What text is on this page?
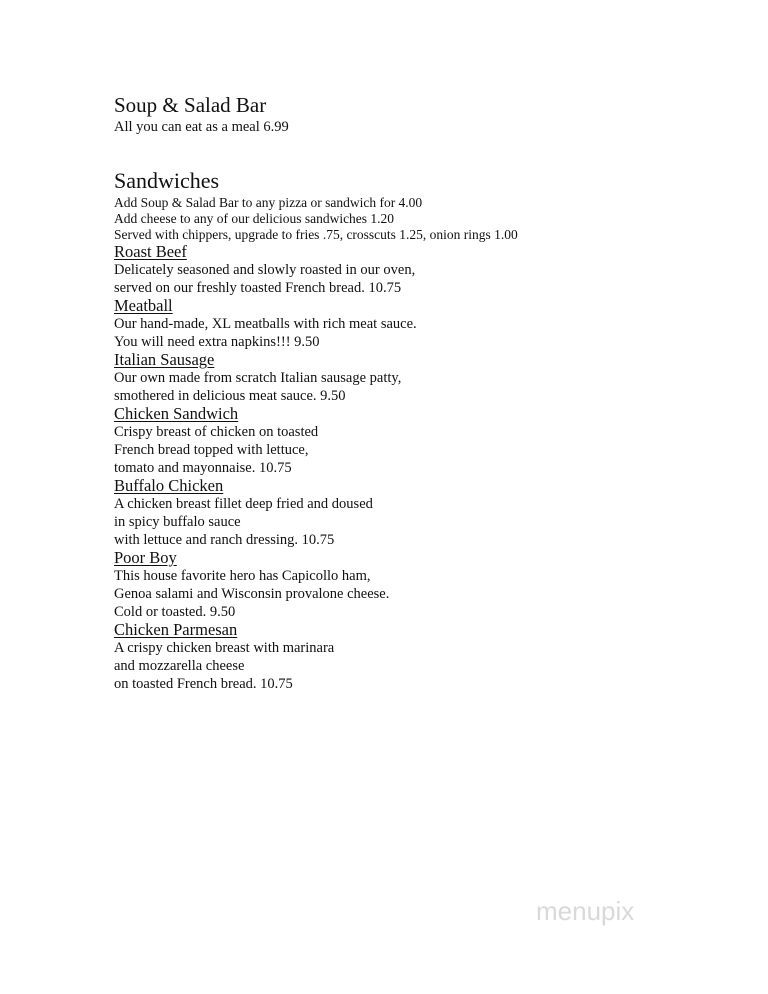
Soup & Salad Bar

All you can eat as a meal 6.99

Sandwiches

Add Soup & Salad Bar to any pizza or sandwich for 4.00

Add cheese to any of our delicious sandwiches 1.20

Served with chippers, upgrade to fries .75, crosscuts 1.25, onion rings 1.00

Roast Beef

Delicately seasoned and slowly roasted in our oven,

served on our freshly toasted French bread. 10.75

Meatball

Our hand-made, XL meatballs with rich meat sauce.

You will need extra napkins!!! 9.50

Italian Sausage

Our own made from scratch Italian sausage patty,

smothered in delicious meat sauce. 9.50

Chicken Sandwich

Crispy breast of chicken on toasted

French bread topped with lettuce,

tomato and mayonnaise. 10.75

Buffalo Chicken

A chicken breast fillet deep fried and doused

in spicy buffalo sauce

with lettuce and ranch dressing. 10.75

Poor Boy

This house favorite hero has Capicollo ham,

Genoa salami and Wisconsin provalone cheese.

Cold or toasted. 9.50

Chicken Parmesan

A crispy chicken breast with marinara

and mozzarella cheese

on toasted French bread. 10.75

menupix
